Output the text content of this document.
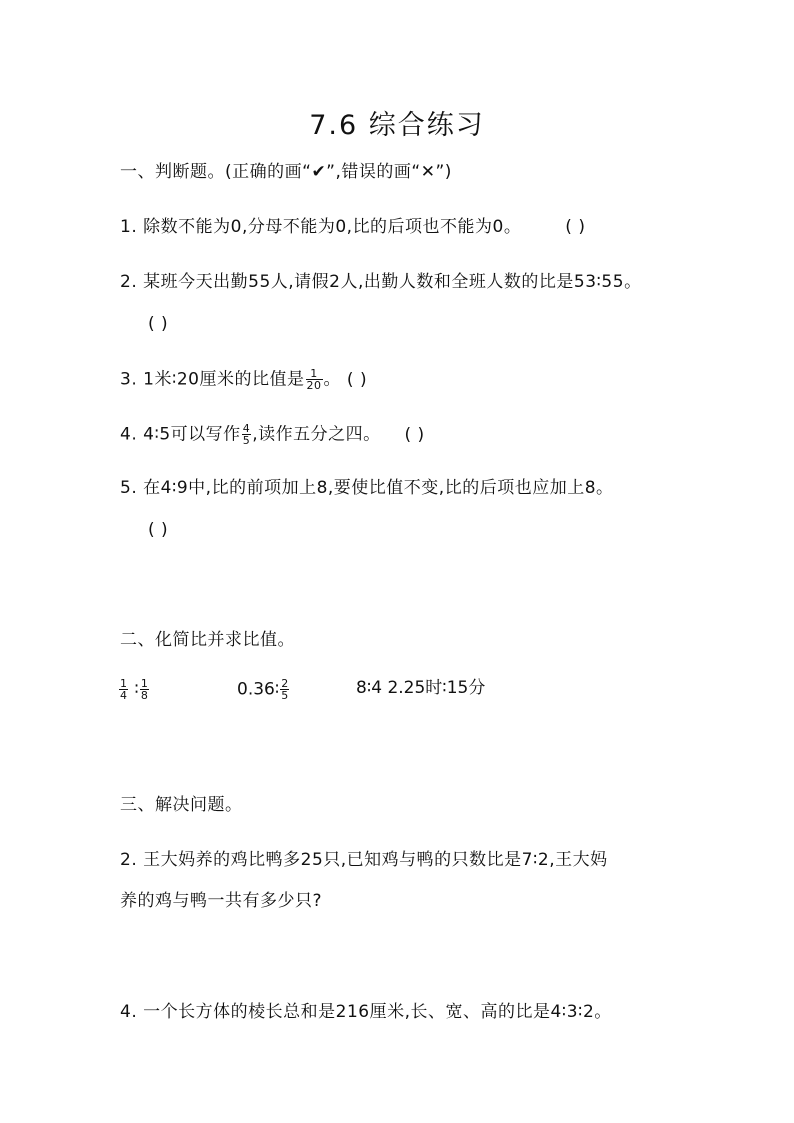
7.6 综合练习
一、判断题。(正确的画“✔”,错误的画“✕”)
1. 除数不能为0,分母不能为0,比的后项也不能为0。	( )
2. 某班今天出勤55人,请假2人,出勤人数和全班人数的比是53∶55。
( )
3. 1米∶20厘米的比值是 $\frac{1}{20}$ 。 ( )
4. 4∶5可以写作 $\frac{4}{5}$ ,读作五分之四。 ( )
5. 在4∶9中,比的前项加上8,要使比值不变,比的后项也应加上8。
( )
二、化简比并求比值。
$\frac{1}{4}$ ∶ $\frac{1}{8}$	0.36∶ $\frac{2}{5}$	8∶4 2.25时∶15分
三、解决问题。
2. 王大妈养的鸡比鸭多25只,已知鸡与鸭的只数比是7∶2,王大妈
养的鸡与鸭一共有多少只?
4. 一个长方体的棱长总和是216厘米,长、宽、高的比是4∶3∶2。
